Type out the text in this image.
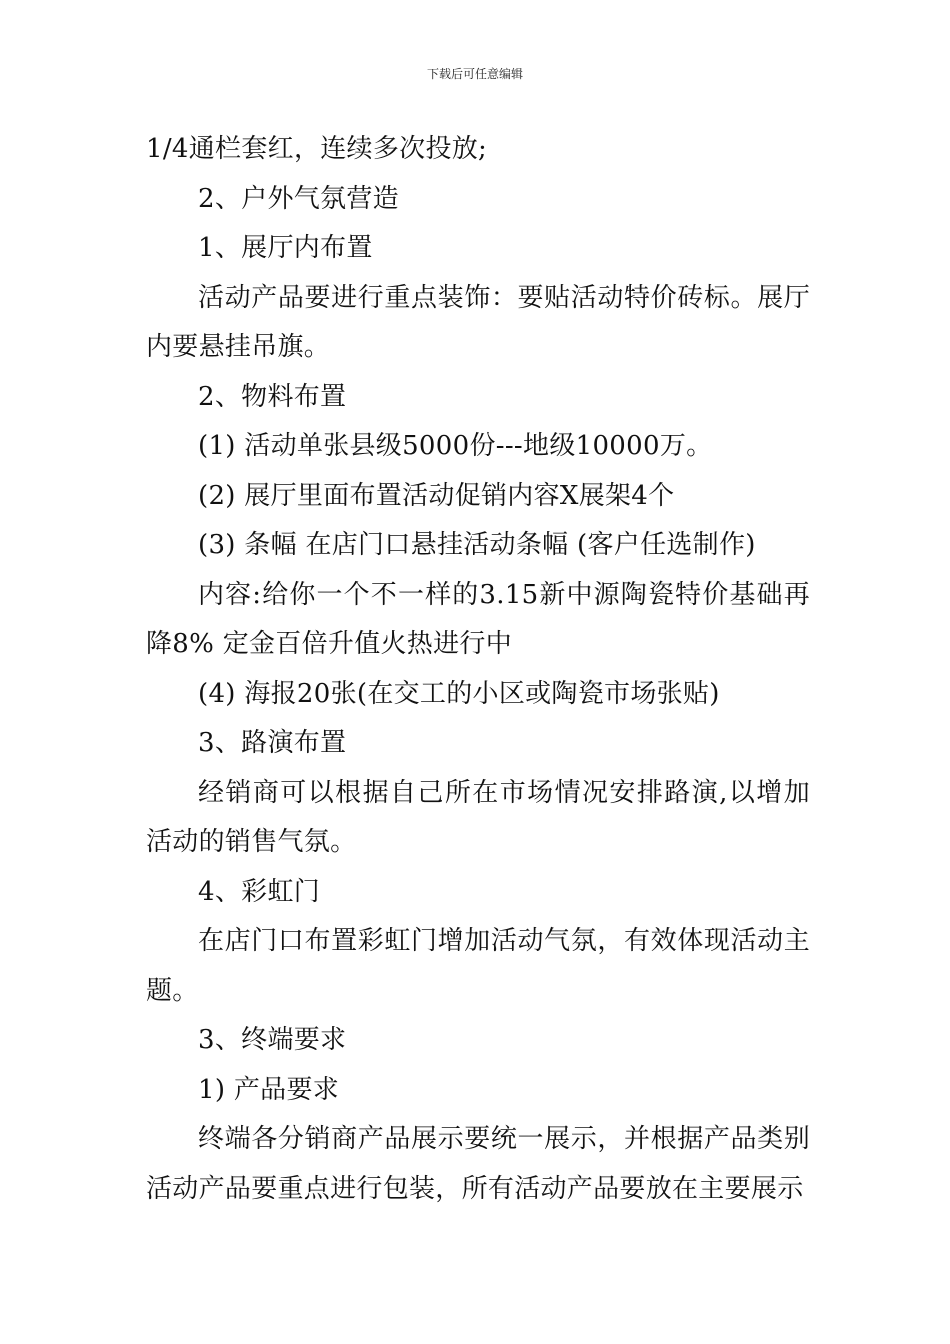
下载后可任意编辑

1/4通栏套红，连续多次投放;

2、户外气氛营造

1、展厅内布置

活动产品要进行重点装饰：要贴活动特价砖标。展厅内要悬挂吊旗。

2、物料布置

(1) 活动单张县级5000份---地级10000万。

(2) 展厅里面布置活动促销内容X展架4个

(3) 条幅 在店门口悬挂活动条幅 (客户任选制作)

内容:给你一个不一样的3.15新中源陶瓷特价基础再降8% 定金百倍升值火热进行中

(4) 海报20张(在交工的小区或陶瓷市场张贴)

3、路演布置

经销商可以根据自己所在市场情况安排路演,以增加活动的销售气氛。

4、彩虹门

在店门口布置彩虹门增加活动气氛，有效体现活动主题。

3、终端要求

1) 产品要求

终端各分销商产品展示要统一展示，并根据产品类别活动产品要重点进行包装，所有活动产品要放在主要展示
